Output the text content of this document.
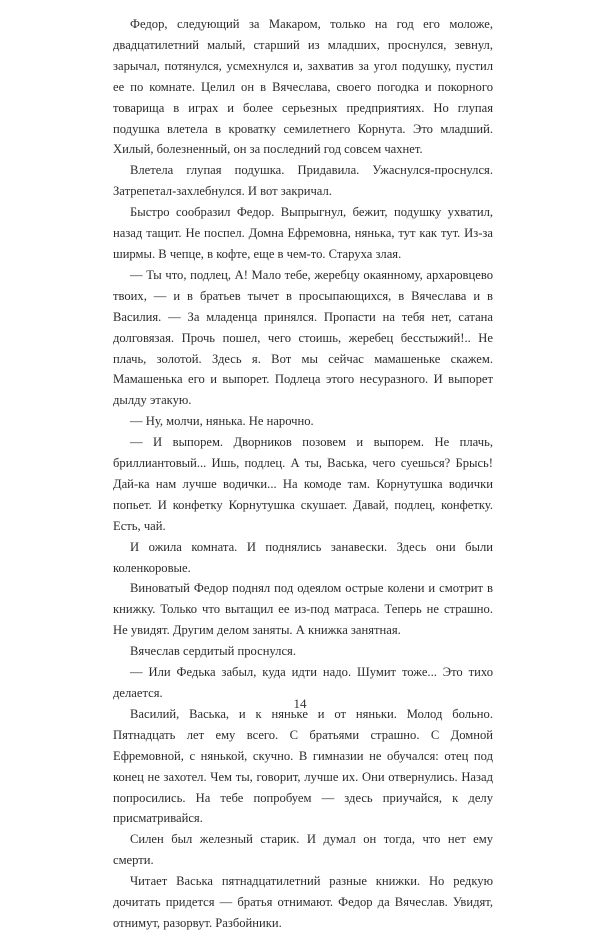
Федор, следующий за Макаром, только на год его моложе, двадцатилетний малый, старший из младших, проснулся, зевнул, зарычал, потянулся, усмехнулся и, захватив за угол подушку, пустил ее по комнате. Целил он в Вячеслава, своего погодка и покорного товарища в играх и более серьезных предприятиях. Но глупая подушка влетела в кроватку семилетнего Корнута. Это младший. Хилый, болезненный, он за последний год совсем чахнет.

Влетела глупая подушка. Придавила. Ужаснулся-проснулся. Затрепетал-захлебнулся. И вот закричал.

Быстро сообразил Федор. Выпрыгнул, бежит, подушку ухватил, назад тащит. Не поспел. Домна Ефремовна, нянька, тут как тут. Из-за ширмы. В чепце, в кофте, еще в чем-то. Старуха злая.

— Ты что, подлец, А! Мало тебе, жеребцу окаянному, архаровцево твоих, — и в братьев тычет в просыпающихся, в Вячеслава и в Василия. — За младенца принялся. Пропасти на тебя нет, сатана долговязая. Прочь пошел, чего стоишь, жеребец бесстыжий!.. Не плачь, золотой. Здесь я. Вот мы сейчас мамашеньке скажем. Мамашенька его и выпорет. Подлеца этого несуразного. И выпорет дылду этакую.

— Ну, молчи, нянька. Не нарочно.

— И выпорем. Дворников позовем и выпорем. Не плачь, бриллиантовый... Ишь, подлец. А ты, Васька, чего суешься? Брысь! Дай-ка нам лучше водички... На комоде там. Корнутушка водички попьет. И конфетку Корнутушка скушает. Давай, подлец, конфетку. Есть, чай.

И ожила комната. И поднялись занавески. Здесь они были коленкоровые.

Виноватый Федор поднял под одеялом острые колени и смотрит в книжку. Только что вытащил ее из-под матраса. Теперь не страшно. Не увидят. Другим делом заняты. А книжка занятная.

Вячеслав сердитый проснулся.

— Или Федька забыл, куда идти надо. Шумит тоже... Это тихо делается.

Василий, Васька, и к няньке и от няньки. Молод больно. Пятнадцать лет ему всего. С братьями страшно. С Домной Ефремовной, с нянькой, скучно. В гимназии не обучался: отец под конец не захотел. Чем ты, говорит, лучше их. Они отвернулись. Назад попросились. На тебе попробуем — здесь приучайся, к делу присматривайся.

Силен был железный старик. И думал он тогда, что нет ему смерти.

Читает Васька пятнадцатилетний разные книжки. Но редкую дочитать придется — братья отнимают. Федор да Вячеслав. Увидят, отнимут, разорвут. Разбойники.

14
